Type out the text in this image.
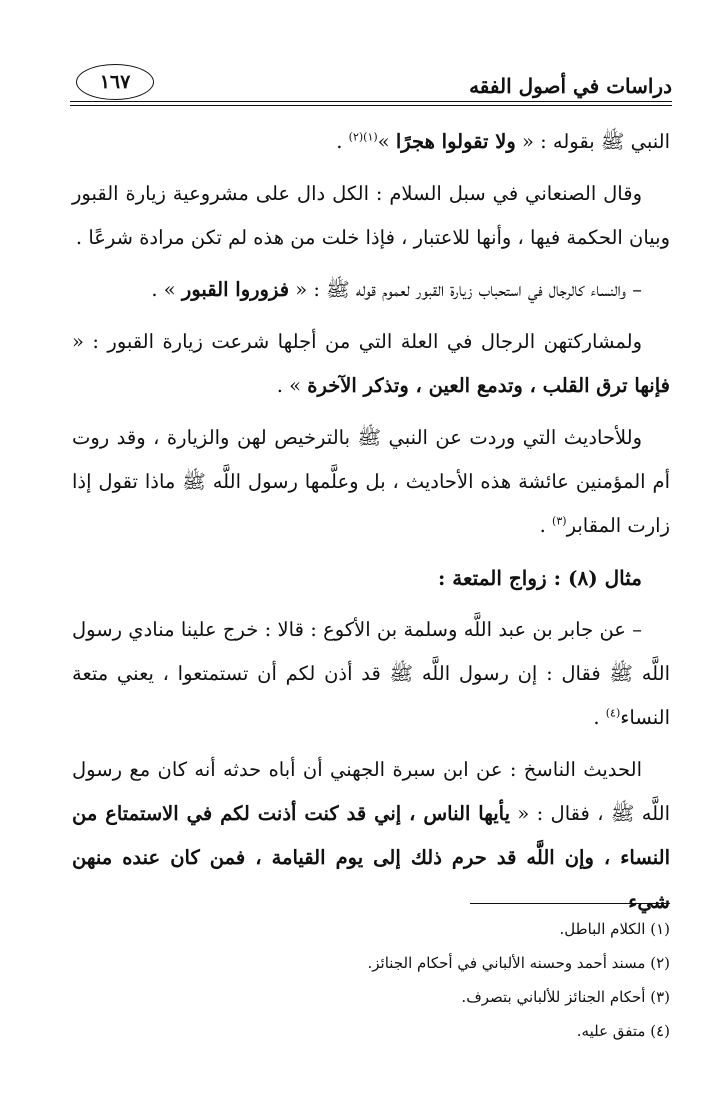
١٦٧	دراسات في أصول الفقه

النبي ﷺ بقوله : « ولا تقولوا هجرًا »$^{(١)(٢)}$ .

وقال الصنعاني في سبل السلام : الكل دال على مشروعية زيارة القبور وبيان الحكمة فيها ، وأنها للاعتبار ، فإذا خلت من هذه لم تكن مرادة شرعًا .

– والنساء كالرجال في استحباب زيارة القبور لعموم قوله ﷺ : « فزوروا القبور » .

ولمشاركتهن الرجال في العلة التي من أجلها شرعت زيارة القبور : « فإنها ترق القلب ، وتدمع العين ، وتذكر الآخرة » .

وللأحاديث التي وردت عن النبي ﷺ بالترخيص لهن والزيارة ، وقد روت أم المؤمنين عائشة هذه الأحاديث ، بل وعلَّمها رسول اللَّه ﷺ ماذا تقول إذا زارت المقابر$^{(٣)}$ .

مثال (٨) : زواج المتعة :

– عن جابر بن عبد اللَّه وسلمة بن الأكوع : قالا : خرج علينا منادي رسول اللَّه ﷺ فقال : إن رسول اللَّه ﷺ قد أذن لكم أن تستمتعوا ، يعني متعة النساء$^{(٤)}$ .

الحديث الناسخ : عن ابن سبرة الجهني أن أباه حدثه أنه كان مع رسول اللَّه ﷺ ، فقال : « يأيها الناس ، إني قد كنت أذنت لكم في الاستمتاع من النساء ، وإن اللَّه قد حرم ذلك إلى يوم القيامة ، فمن كان عنده منهن شيء

(١) الكلام الباطل.

(٢) مسند أحمد وحسنه الألباني في أحكام الجنائز.

(٣) أحكام الجنائز للألباني بتصرف.

(٤) متفق عليه.
